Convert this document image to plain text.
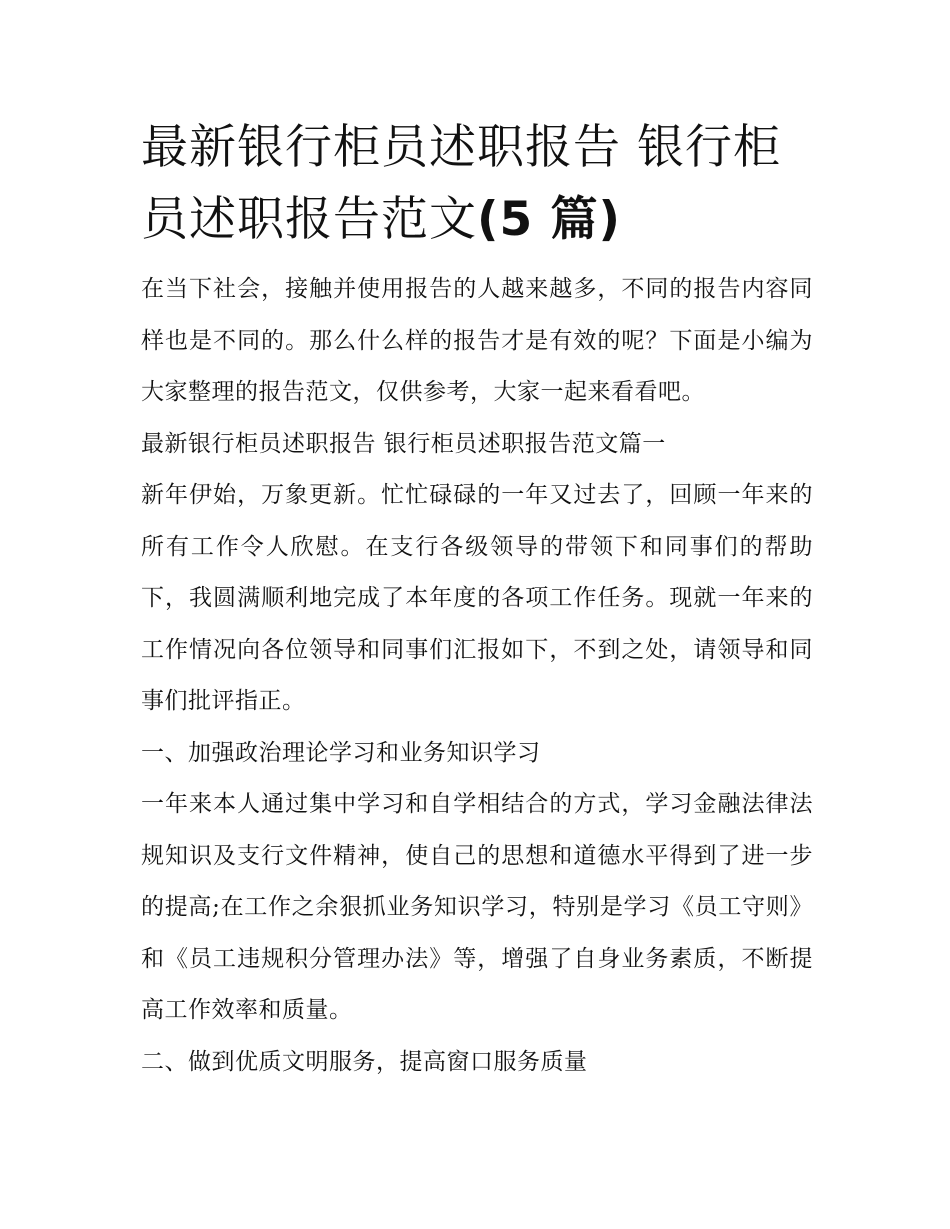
最新银行柜员述职报告 银行柜员述职报告范文(5 篇)

在当下社会，接触并使用报告的人越来越多，不同的报告内容同样也是不同的。那么什么样的报告才是有效的呢？下面是小编为大家整理的报告范文，仅供参考，大家一起来看看吧。

最新银行柜员述职报告 银行柜员述职报告范文篇一

新年伊始，万象更新。忙忙碌碌的一年又过去了，回顾一年来的所有工作令人欣慰。在支行各级领导的带领下和同事们的帮助下，我圆满顺利地完成了本年度的各项工作任务。现就一年来的工作情况向各位领导和同事们汇报如下，不到之处，请领导和同事们批评指正。

一、加强政治理论学习和业务知识学习

一年来本人通过集中学习和自学相结合的方式，学习金融法律法规知识及支行文件精神，使自己的思想和道德水平得到了进一步的提高;在工作之余狠抓业务知识学习，特别是学习《员工守则》和《员工违规积分管理办法》等，增强了自身业务素质，不断提高工作效率和质量。

二、做到优质文明服务，提高窗口服务质量
